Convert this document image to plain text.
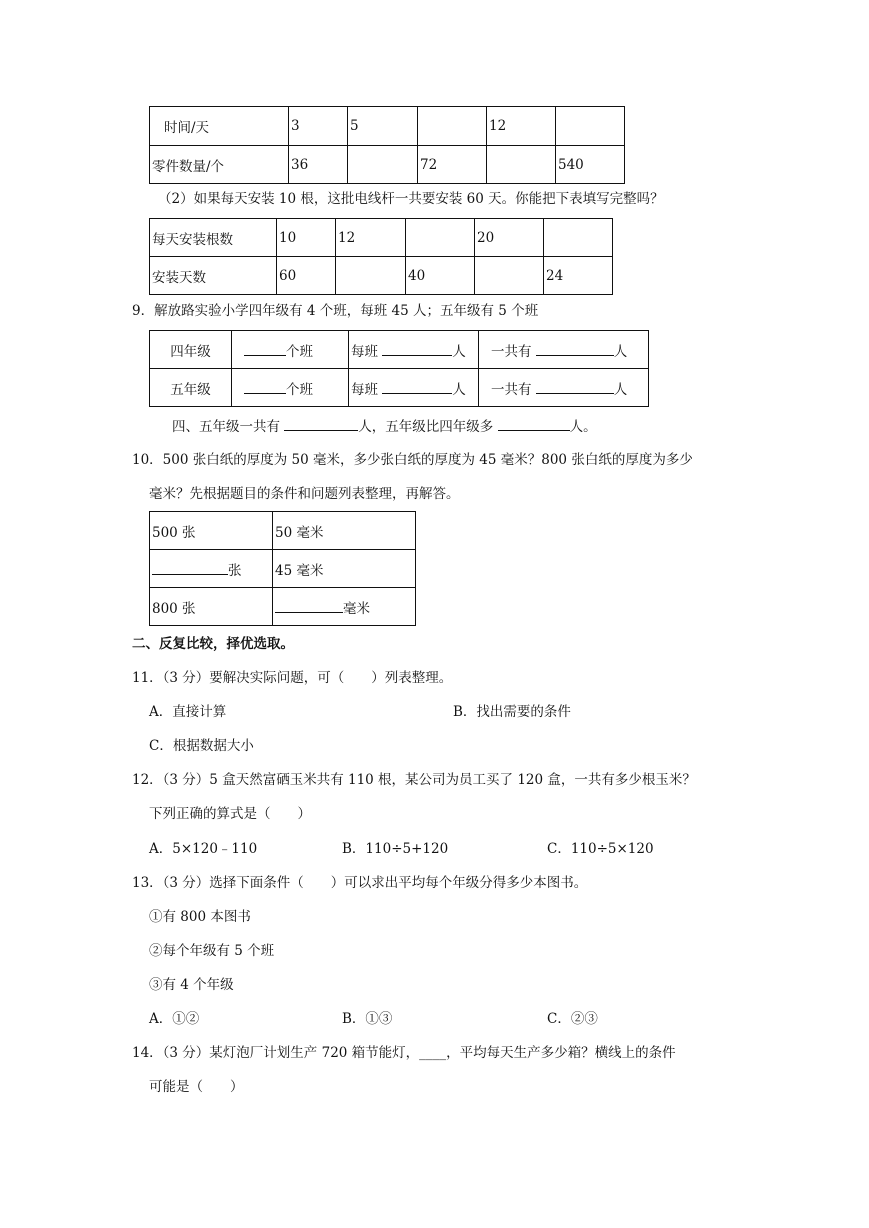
时间/天	3	5		12	
零件数量/个	36		72		540
（2）如果每天安装 10 根，这批电线杆一共要安装 60 天。你能把下表填写完整吗？
每天安装根数	10	12		20	
安装天数	60		40		24
9．解放路实验小学四年级有 4 个班，每班 45 人；五年级有 5 个班
四年级	个班	每班 人	一共有 人
五年级	个班	每班 人	一共有 人
四、五年级一共有	人，五年级比四年级多	人。
10．500 张白纸的厚度为 50 毫米，多少张白纸的厚度为 45 毫米？800 张白纸的厚度为多少
毫米？先根据题目的条件和问题列表整理，再解答。
500 张	50 毫米
张	45 毫米
800 张	毫米
二、反复比较，择优选取。
11．（3 分）要解决实际问题，可（　　）列表整理。
A．直接计算	B．找出需要的条件
C．根据数据大小
12．（3 分）5 盒天然富硒玉米共有 110 根，某公司为员工买了 120 盒，一共有多少根玉米？
下列正确的算式是（　　）
A．5×120﹣110	B．110÷5+120	C．110÷5×120
13．（3 分）选择下面条件（　　）可以求出平均每个年级分得多少本图书。
①有 800 本图书
②每个年级有 5 个班
③有 4 个年级
A．①②	B．①③	C．②③
14．（3 分）某灯泡厂计划生产 720 箱节能灯，____，平均每天生产多少箱？横线上的条件
可能是（　　）
